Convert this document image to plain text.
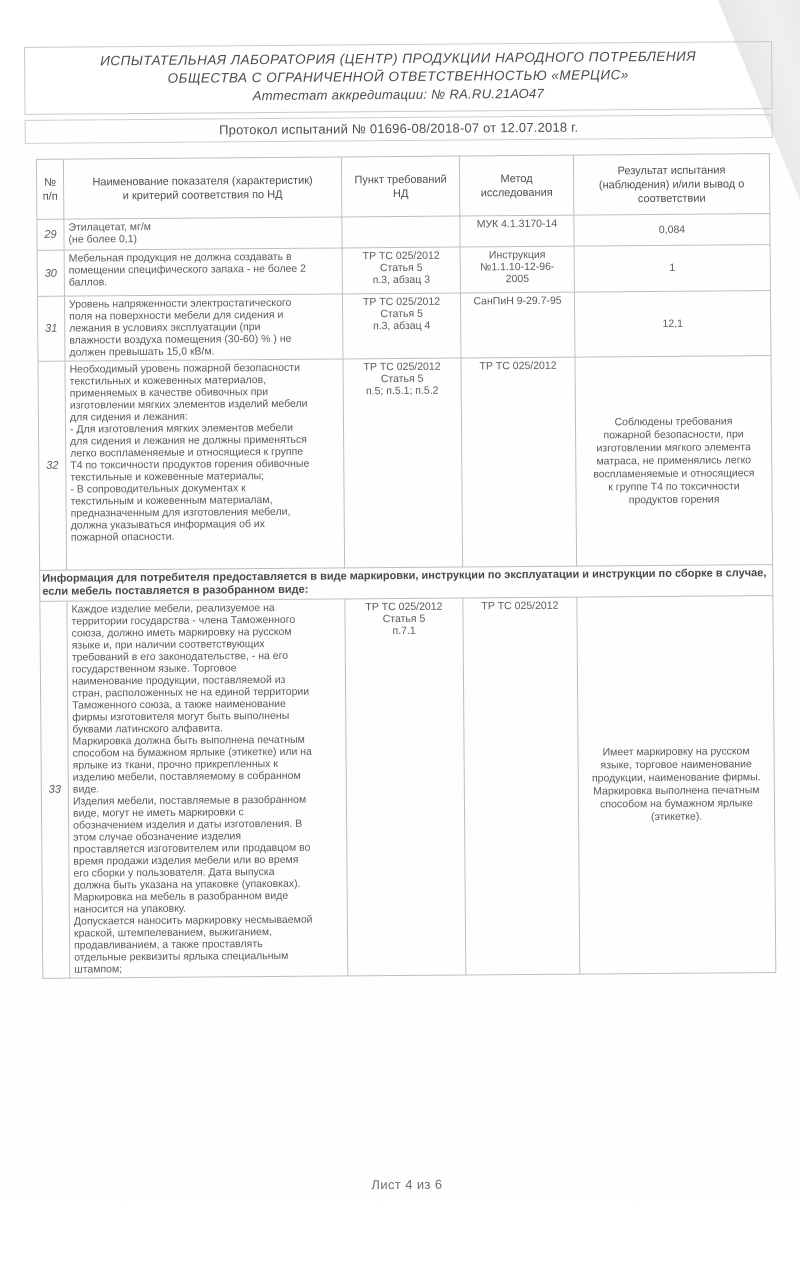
ИСПЫТАТЕЛЬНАЯ ЛАБОРАТОРИЯ (ЦЕНТР) ПРОДУКЦИИ НАРОДНОГО ПОТРЕБЛЕНИЯ
ОБЩЕСТВА С ОГРАНИЧЕННОЙ ОТВЕТСТВЕННОСТЬЮ «МЕРЦИС»
Аттестат аккредитации: № RA.RU.21АО47
Протокол испытаний № 01696-08/2018-07 от 12.07.2018 г.
№
п/п	Наименование показателя (характеристик)
и критерий соответствия по НД	Пункт требований
НД	Метод
исследования	Результат испытания
(наблюдения) и/или вывод о
соответствии
29	Этилацетат, мг/м
(не более 0,1)		МУК 4.1.3170-14	0,084
30	Мебельная продукция не должна создавать в
помещении специфического запаха - не более 2
баллов.	ТР ТС 025/2012
Статья 5
п.3, абзац 3	Инструкция
№1.1.10-12-96-
2005	1
31	Уровень напряженности электростатического
поля на поверхности мебели для сидения и
лежания в условиях эксплуатации (при
влажности воздуха помещения (30-60) % ) не
должен превышать 15,0 кВ/м.	ТР ТС 025/2012
Статья 5
п.3, абзац 4	СанПиН 9-29.7-95	12,1
32	Необходимый уровень пожарной безопасности
текстильных и кожевенных материалов,
применяемых в качестве обивочных при
изготовлении мягких элементов изделий мебели
для сидения и лежания:
- Для изготовления мягких элементов мебели
для сидения и лежания не должны применяться
легко воспламеняемые и относящиеся к группе
Т4 по токсичности продуктов горения обивочные
текстильные и кожевенные материалы;
- В сопроводительных документах к
текстильным и кожевенным материалам,
предназначенным для изготовления мебели,
должна указываться информация об их
пожарной опасности.	ТР ТС 025/2012
Статья 5
п.5; п.5.1; п.5.2	ТР ТС 025/2012	Соблюдены требования
пожарной безопасности, при
изготовлении мягкого элемента
матраса, не применялись легко
воспламеняемые и относящиеся
к группе Т4 по токсичности
продуктов горения
Информация для потребителя предоставляется в виде маркировки, инструкции по эксплуатации и инструкции по сборке в случае, если мебель поставляется в разобранном виде:				
33	Каждое изделие мебели, реализуемое на
территории государства - члена Таможенного
союза, должно иметь маркировку на русском
языке и, при наличии соответствующих
требований в его законодательстве, - на его
государственном языке. Торговое
наименование продукции, поставляемой из
стран, расположенных не на единой территории
Таможенного союза, а также наименование
фирмы изготовителя могут быть выполнены
буквами латинского алфавита.
Маркировка должна быть выполнена печатным
способом на бумажном ярлыке (этикетке) или на
ярлыке из ткани, прочно прикрепленных к
изделию мебели, поставляемому в собранном
виде.
Изделия мебели, поставляемые в разобранном
виде, могут не иметь маркировки с
обозначением изделия и даты изготовления. В
этом случае обозначение изделия
проставляется изготовителем или продавцом во
время продажи изделия мебели или во время
его сборки у пользователя. Дата выпуска
должна быть указана на упаковке (упаковках).
Маркировка на мебель в разобранном виде
наносится на упаковку.
Допускается наносить маркировку несмываемой
краской, штемпелеванием, выжиганием,
продавливанием, а также проставлять
отдельные реквизиты ярлыка специальным
штампом;	ТР ТС 025/2012
Статья 5
п.7.1	ТР ТС 025/2012	Имеет маркировку на русском
языке, торговое наименование
продукции, наименование фирмы.
Маркировка выполнена печатным
способом на бумажном ярлыке
(этикетке).
Лист 4 из 6
